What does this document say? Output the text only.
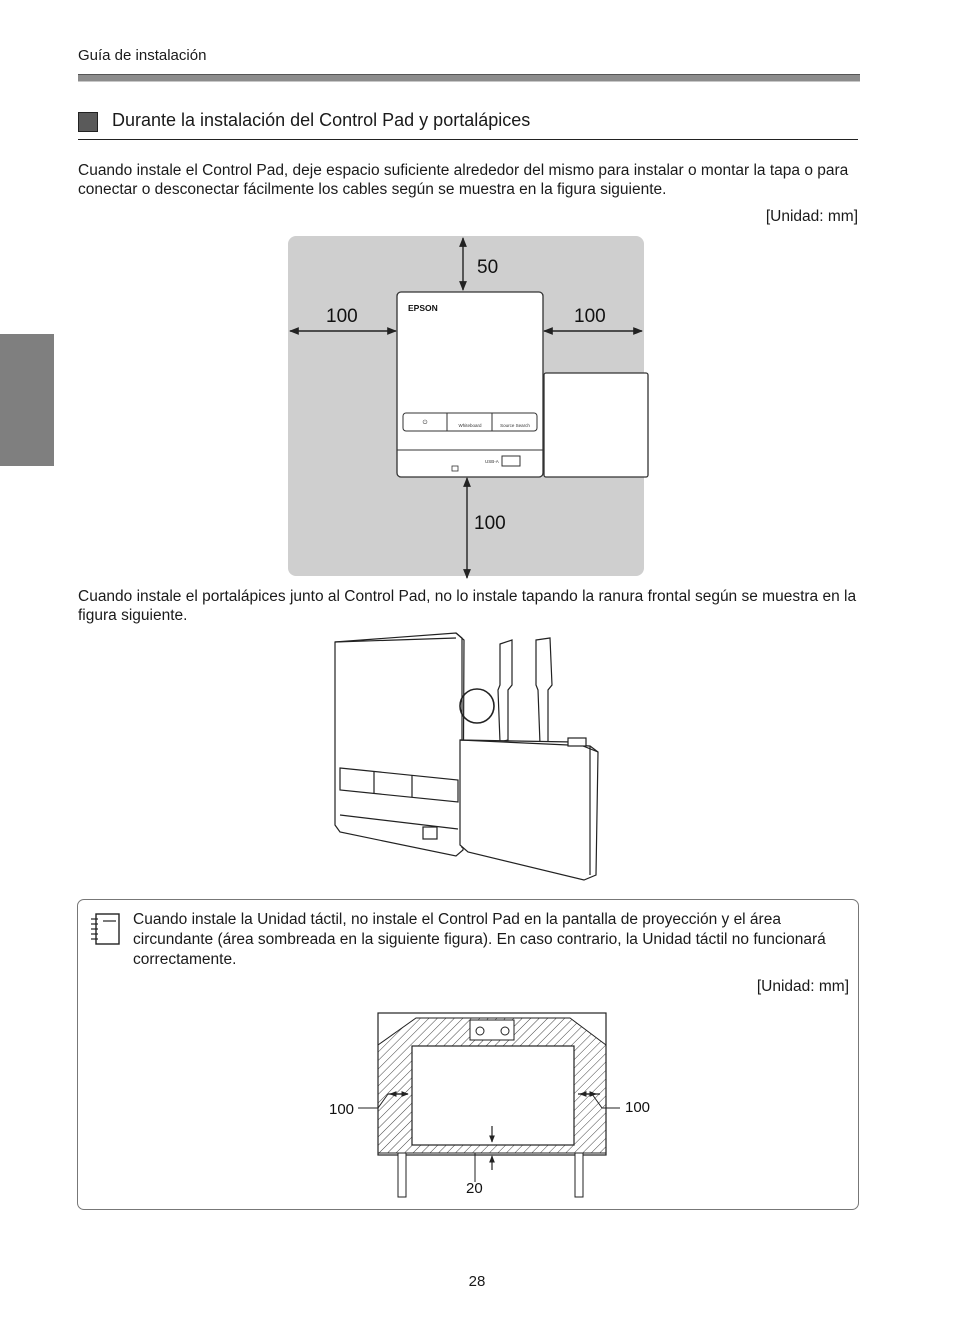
Guía de instalación
Durante la instalación del Control Pad y portalápices
Cuando instale el Control Pad, deje espacio suficiente alrededor del mismo para instalar o montar la tapa o para conectar o desconectar fácilmente los cables según se muestra en la figura siguiente.
[Unidad: mm]
50
100	100
EPSON
⏻	Whiteboard	Source Search
USB-A
100
Cuando instale el portalápices junto al Control Pad, no lo instale tapando la ranura frontal según se muestra en la figura siguiente.
Cuando instale la Unidad táctil, no instale el Control Pad en la pantalla de proyección y el área circundante (área sombreada en la siguiente figura). En caso contrario, la Unidad táctil no funcionará correctamente.
[Unidad: mm]
100	100
20
28
